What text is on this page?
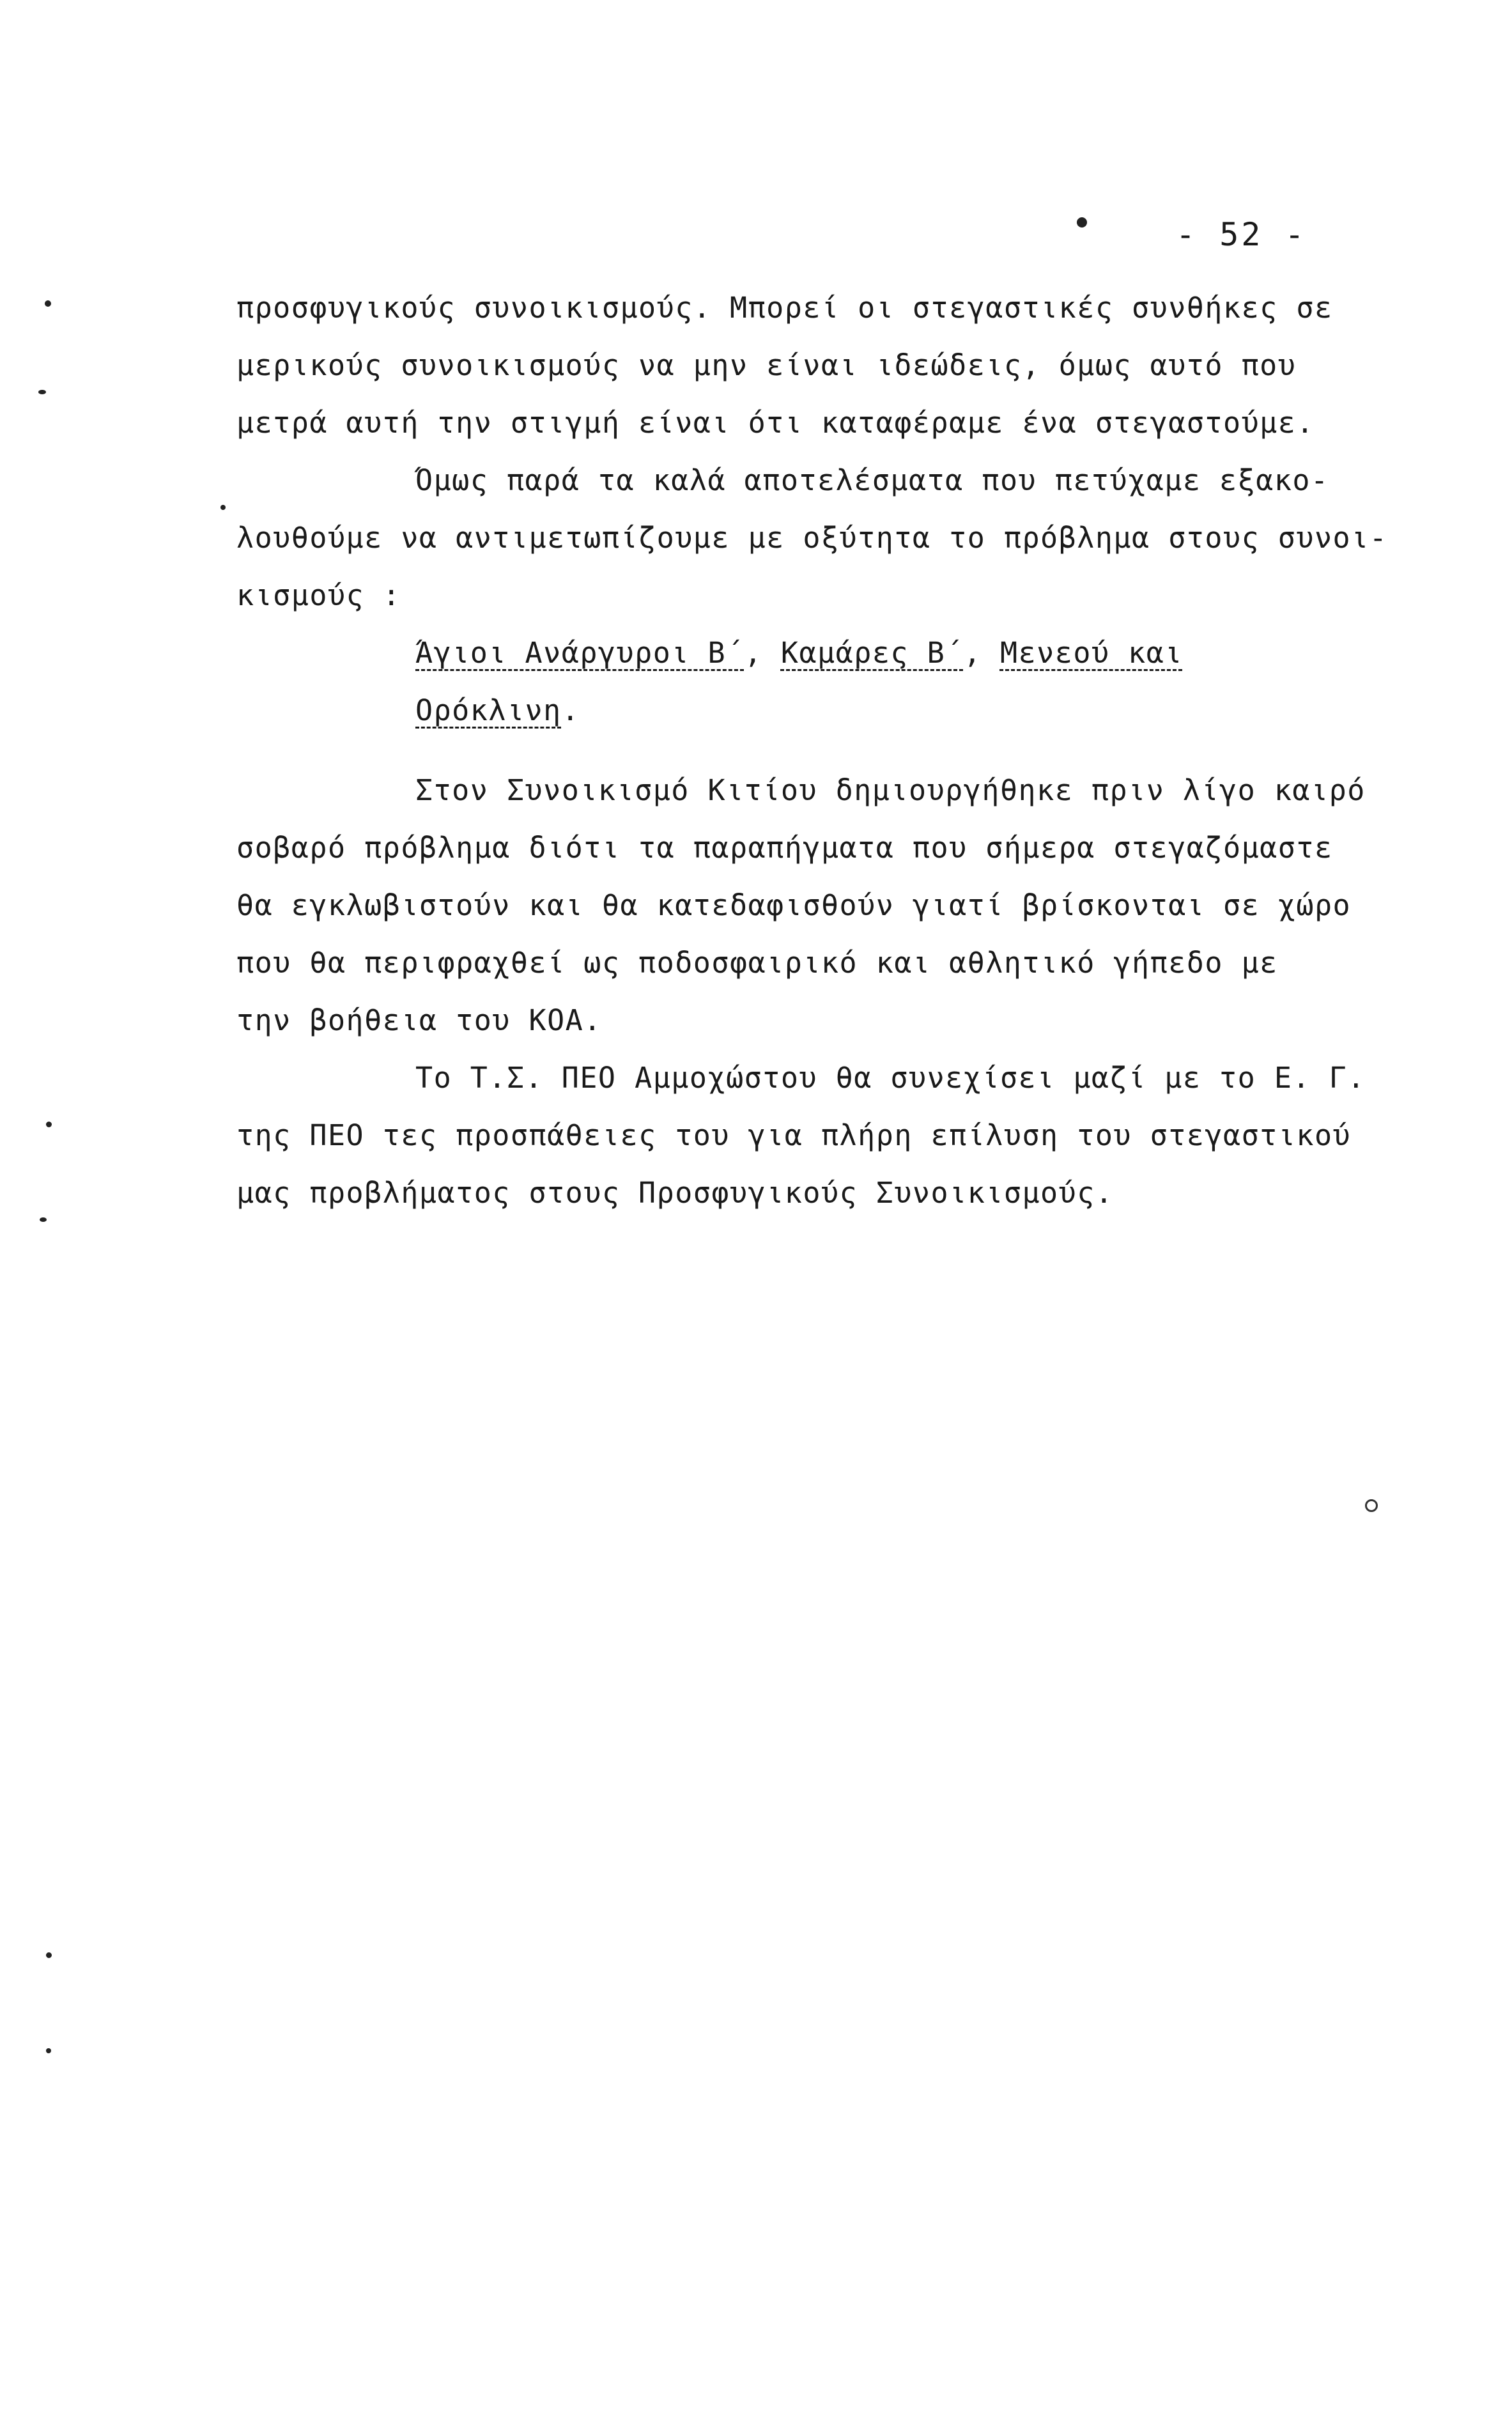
- 52 -
προσφυγικούς συνοικισμούς. Μπορεί οι στεγαστικές συνθήκες σε
μερικούς συνοικισμούς να μην είναι ιδεώδεις, όμως αυτό που
μετρά αυτή την στιγμή είναι ότι καταφέραμε ένα στεγαστούμε.
Όμως παρά τα καλά αποτελέσματα που πετύχαμε εξακο-
λουθούμε να αντιμετωπίζουμε με οξύτητα το πρόβλημα στους συνοι-
κισμούς :
Άγιοι Ανάργυροι Β΄, Καμάρες Β΄, Μενεού και
Ορόκλινη.
Στον Συνοικισμό Κιτίου δημιουργήθηκε πριν λίγο καιρό
σοβαρό πρόβλημα διότι τα παραπήγματα που σήμερα στεγαζόμαστε
θα εγκλωβιστούν και θα κατεδαφισθούν γιατί βρίσκονται σε χώρο
που θα περιφραχθεί ως ποδοσφαιρικό και αθλητικό γήπεδο με
την βοήθεια του ΚΟΑ.
Το Τ.Σ. ΠΕΟ Αμμοχώστου θα συνεχίσει μαζί με το Ε. Γ.
της ΠΕΟ τες προσπάθειες του για πλήρη επίλυση του στεγαστικού
μας προβλήματος στους Προσφυγικούς Συνοικισμούς.
